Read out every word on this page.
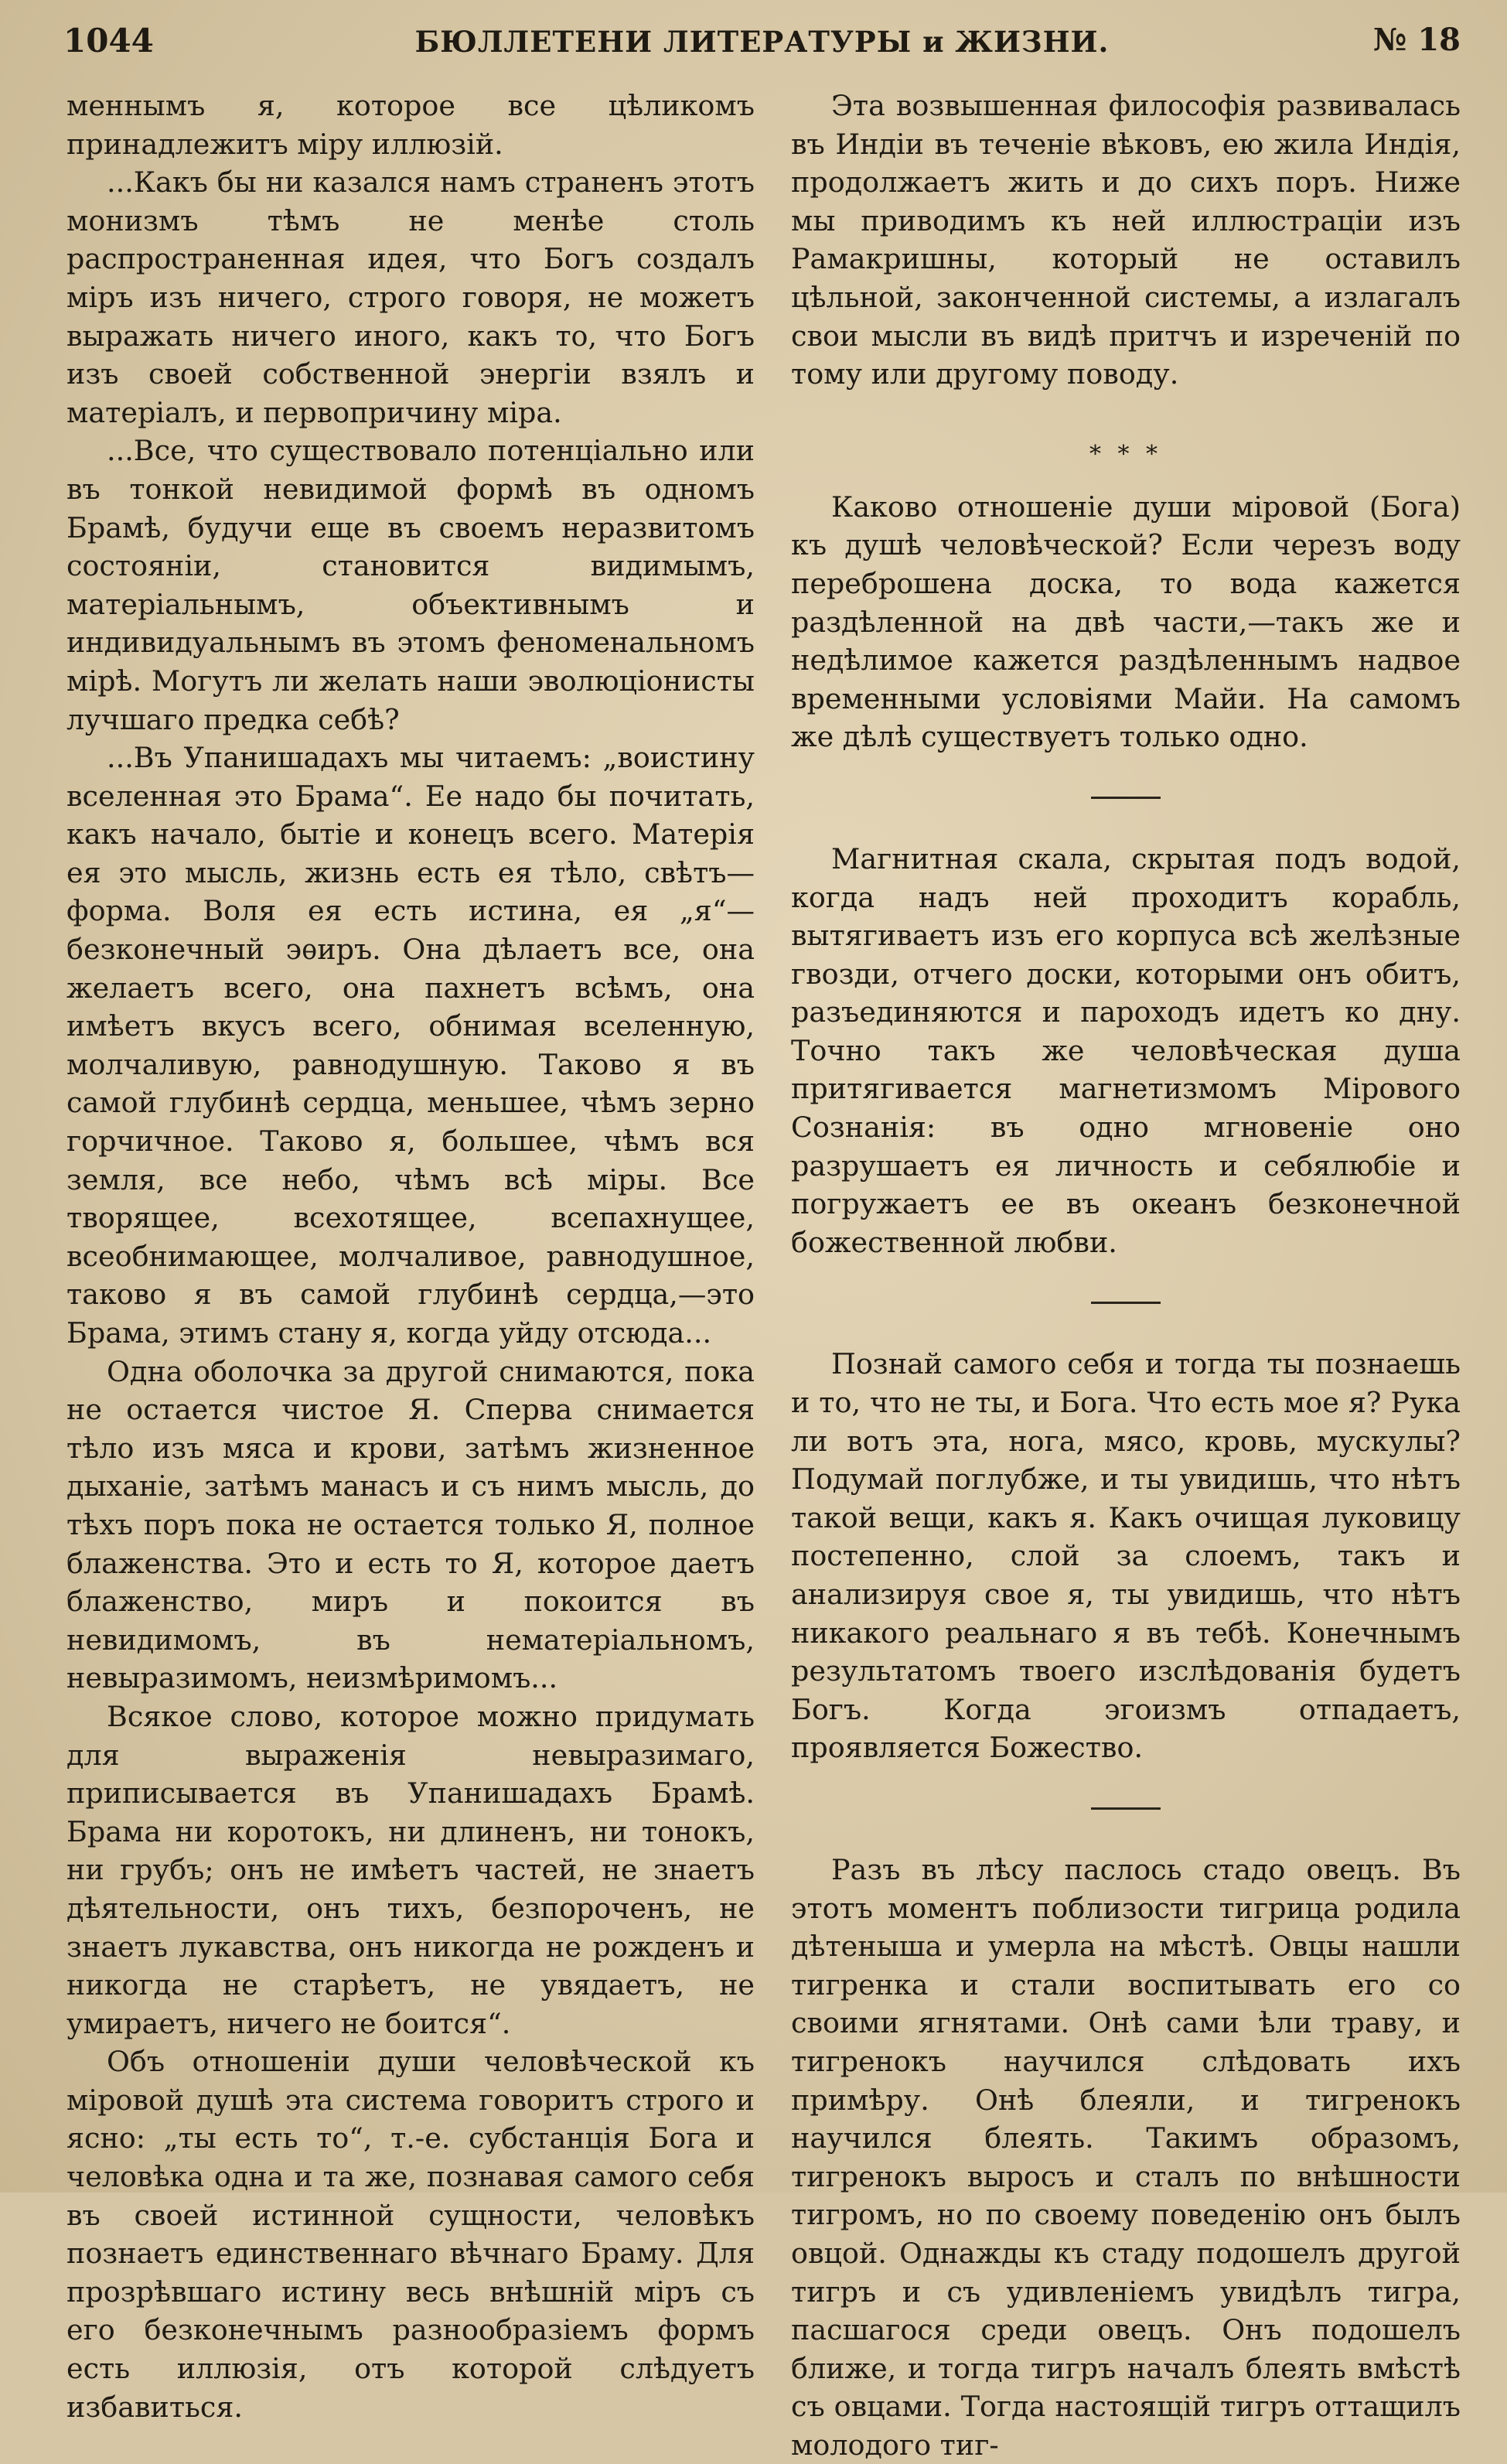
1044	БЮЛЛЕТЕНИ ЛИТЕРАТУРЫ и ЖИЗНИ.	№ 18

меннымъ я, которое все цѣликомъ принадлежитъ міру иллюзій.

...Какъ бы ни казался намъ страненъ этотъ монизмъ тѣмъ не менѣе столь распространенная идея, что Богъ создалъ міръ изъ ничего, строго говоря, не можетъ выражать ничего иного, какъ то, что Богъ изъ своей собственной энергіи взялъ и матеріалъ, и первопричину міра.

...Все, что существовало потенціально или въ тонкой невидимой формѣ въ одномъ Брамѣ, будучи еще въ своемъ неразвитомъ состояніи, становится видимымъ, матеріальнымъ, объективнымъ и индивидуальнымъ въ этомъ феноменальномъ мірѣ. Могутъ ли желать наши эволюціонисты лучшаго предка себѣ?

...Въ Упанишадахъ мы читаемъ: „воистину вселенная это Брама“. Ее надо бы почитать, какъ начало, бытіе и конецъ всего. Матерія ея это мысль, жизнь есть ея тѣло, свѣтъ—форма. Воля ея есть истина, ея „я“—безконечный эѳиръ. Она дѣлаетъ все, она желаетъ всего, она пахнетъ всѣмъ, она имѣетъ вкусъ всего, обнимая вселенную, молчаливую, равнодушную. Таково я въ самой глубинѣ сердца, меньшее, чѣмъ зерно горчичное. Таково я, большее, чѣмъ вся земля, все небо, чѣмъ всѣ міры. Все творящее, всехотящее, всепахнущее, всеобнимающее, молчаливое, равнодушное, таково я въ самой глубинѣ сердца,—это Брама, этимъ стану я, когда уйду отсюда...

Одна оболочка за другой снимаются, пока не остается чистое Я. Сперва снимается тѣло изъ мяса и крови, затѣмъ жизненное дыханіе, затѣмъ манасъ и съ нимъ мысль, до тѣхъ поръ пока не остается только Я, полное блаженства. Это и есть то Я, которое даетъ блаженство, миръ и покоится въ невидимомъ, въ нематеріальномъ, невыразимомъ, неизмѣримомъ...

Всякое слово, которое можно придумать для выраженія невыразимаго, приписывается въ Упанишадахъ Брамѣ. Брама ни коротокъ, ни длиненъ, ни тонокъ, ни грубъ; онъ не имѣетъ частей, не знаетъ дѣятельности, онъ тихъ, безпороченъ, не знаетъ лукавства, онъ никогда не рожденъ и никогда не старѣетъ, не увядаетъ, не умираетъ, ничего не боится“.

Объ отношеніи души человѣческой къ міровой душѣ эта система говоритъ строго и ясно: „ты есть то“, т.-е. субстанція Бога и человѣка одна и та же, познавая самого себя въ своей истинной сущности, человѣкъ познаетъ единственнаго вѣчнаго Браму. Для прозрѣвшаго истину весь внѣшній міръ съ его безконечнымъ разнообразіемъ формъ есть иллюзія, отъ которой слѣдуетъ избавиться.

Эта возвышенная философія развивалась въ Индіи въ теченіе вѣковъ, ею жила Индія, продолжаетъ жить и до сихъ поръ. Ниже мы приводимъ къ ней иллюстраціи изъ Рамакришны, который не оставилъ цѣльной, законченной системы, а излагалъ свои мысли въ видѣ притчъ и изреченій по тому или другому поводу.

* * *

Каково отношеніе души міровой (Бога) къ душѣ человѣческой? Если черезъ воду переброшена доска, то вода кажется раздѣленной на двѣ части,—такъ же и недѣлимое кажется раздѣленнымъ надвое временными условіями Майи. На самомъ же дѣлѣ существуетъ только одно.

Магнитная скала, скрытая подъ водой, когда надъ ней проходитъ корабль, вытягиваетъ изъ его корпуса всѣ желѣзные гвозди, отчего доски, которыми онъ обитъ, разъединяются и пароходъ идетъ ко дну. Точно такъ же человѣческая душа притягивается магнетизмомъ Мірового Сознанія: въ одно мгновеніе оно разрушаетъ ея личность и себялюбіе и погружаетъ ее въ океанъ безконечной божественной любви.

Познай самого себя и тогда ты познаешь и то, что не ты, и Бога. Что есть мое я? Рука ли вотъ эта, нога, мясо, кровь, мускулы? Подумай поглубже, и ты увидишь, что нѣтъ такой вещи, какъ я. Какъ очищая луковицу постепенно, слой за слоемъ, такъ и анализируя свое я, ты увидишь, что нѣтъ никакого реальнаго я въ тебѣ. Конечнымъ результатомъ твоего изслѣдованія будетъ Богъ. Когда эгоизмъ отпадаетъ, проявляется Божество.

Разъ въ лѣсу паслось стадо овецъ. Въ этотъ моментъ поблизости тигрица родила дѣтеныша и умерла на мѣстѣ. Овцы нашли тигренка и стали воспитывать его со своими ягнятами. Онѣ сами ѣли траву, и тигренокъ научился слѣдовать ихъ примѣру. Онѣ блеяли, и тигренокъ научился блеять. Такимъ образомъ, тигренокъ выросъ и сталъ по внѣшности тигромъ, но по своему поведенію онъ былъ овцой. Однажды къ стаду подошелъ другой тигръ и съ удивленіемъ увидѣлъ тигра, пасшагося среди овецъ. Онъ подошелъ ближе, и тогда тигръ началъ блеять вмѣстѣ съ овцами. Тогда настоящій тигръ оттащилъ молодого тиг-
